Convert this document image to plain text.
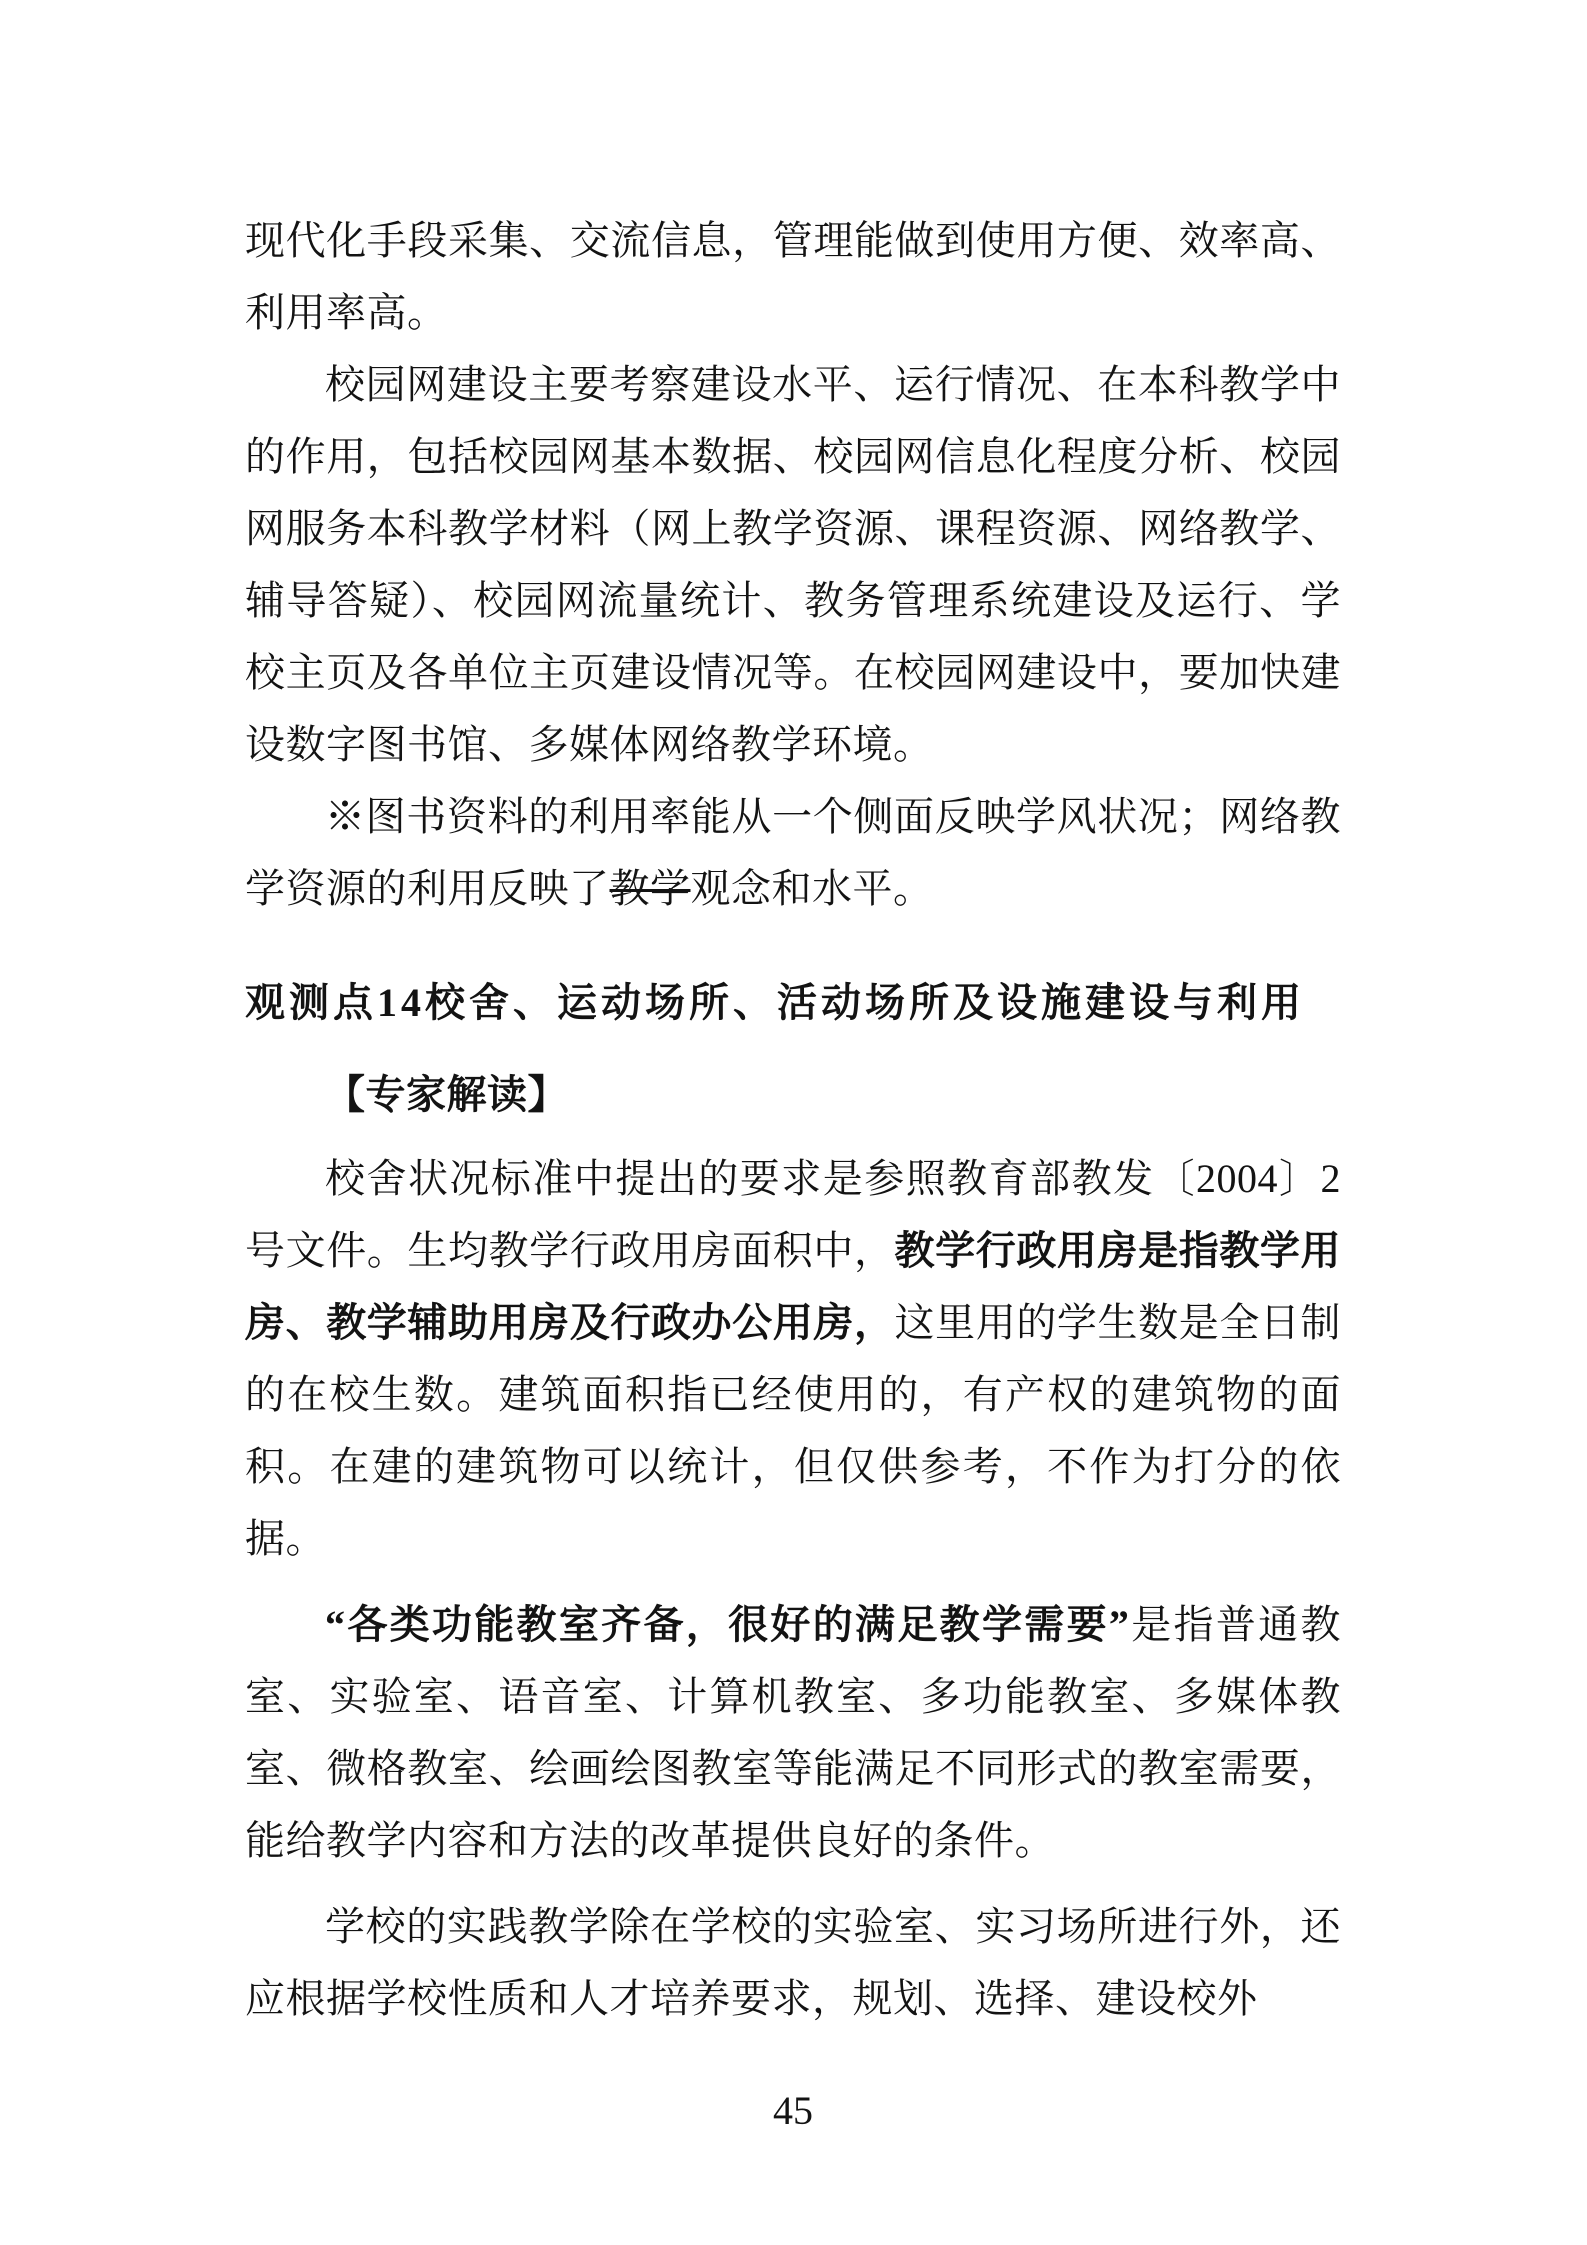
现代化手段采集、交流信息，管理能做到使用方便、效率高、利用率高。
校园网建设主要考察建设水平、运行情况、在本科教学中的作用，包括校园网基本数据、校园网信息化程度分析、校园网服务本科教学材料（网上教学资源、课程资源、网络教学、辅导答疑）、校园网流量统计、教务管理系统建设及运行、学校主页及各单位主页建设情况等。在校园网建设中，要加快建设数字图书馆、多媒体网络教学环境。
※图书资料的利用率能从一个侧面反映学风状况；网络教学资源的利用反映了教学观念和水平。
观测点14校舍、运动场所、活动场所及设施建设与利用
【专家解读】
校舍状况标准中提出的要求是参照教育部教发〔2004〕2号文件。生均教学行政用房面积中，教学行政用房是指教学用房、教学辅助用房及行政办公用房，这里用的学生数是全日制的在校生数。建筑面积指已经使用的，有产权的建筑物的面积。在建的建筑物可以统计，但仅供参考，不作为打分的依据。
“各类功能教室齐备，很好的满足教学需要”是指普通教室、实验室、语音室、计算机教室、多功能教室、多媒体教室、微格教室、绘画绘图教室等能满足不同形式的教室需要，能给教学内容和方法的改革提供良好的条件。
学校的实践教学除在学校的实验室、实习场所进行外，还应根据学校性质和人才培养要求，规划、选择、建设校外
45
